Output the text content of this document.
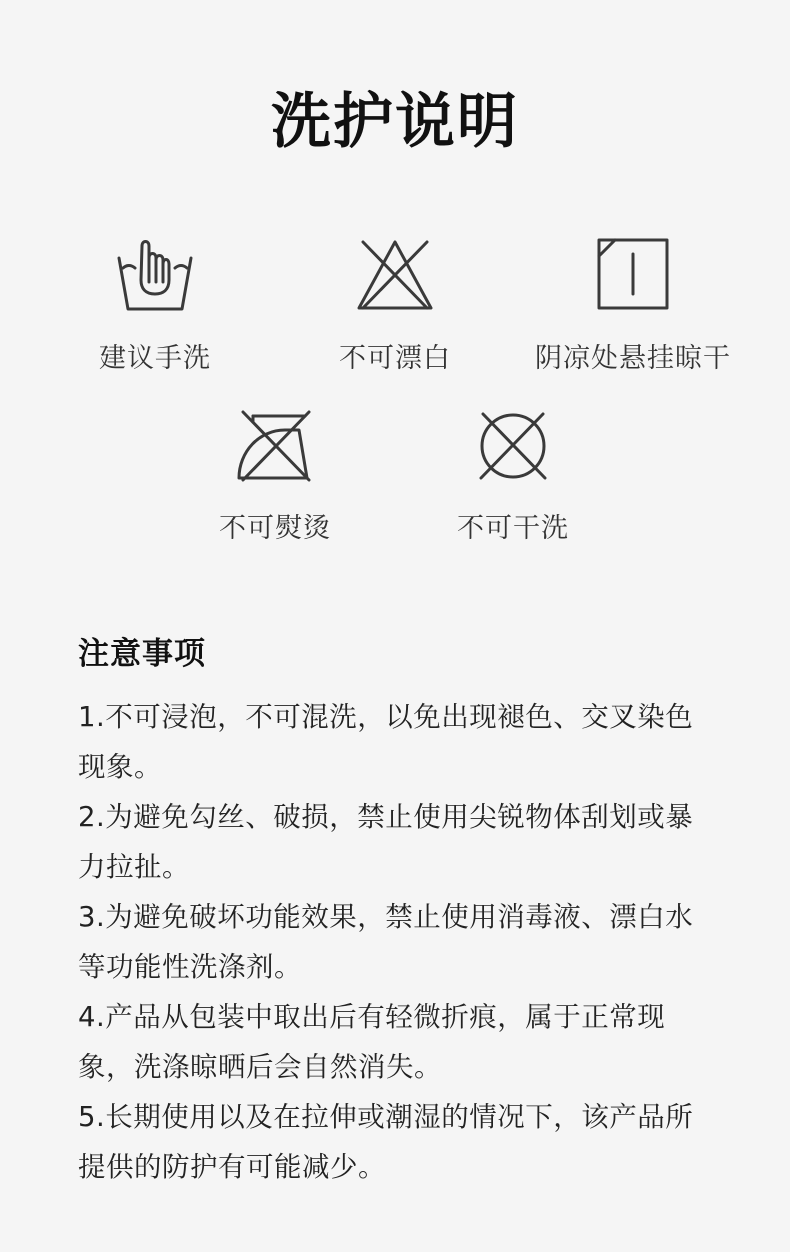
洗护说明
建议手洗	不可漂白	阴凉处悬挂晾干
不可熨烫	不可干洗
注意事项
1.不可浸泡，不可混洗，以免出现褪色、交叉染色现象。
2.为避免勾丝、破损，禁止使用尖锐物体刮划或暴力拉扯。
3.为避免破坏功能效果，禁止使用消毒液、漂白水等功能性洗涤剂。
4.产品从包装中取出后有轻微折痕，属于正常现象，洗涤晾晒后会自然消失。
5.长期使用以及在拉伸或潮湿的情况下，该产品所提供的防护有可能减少。
